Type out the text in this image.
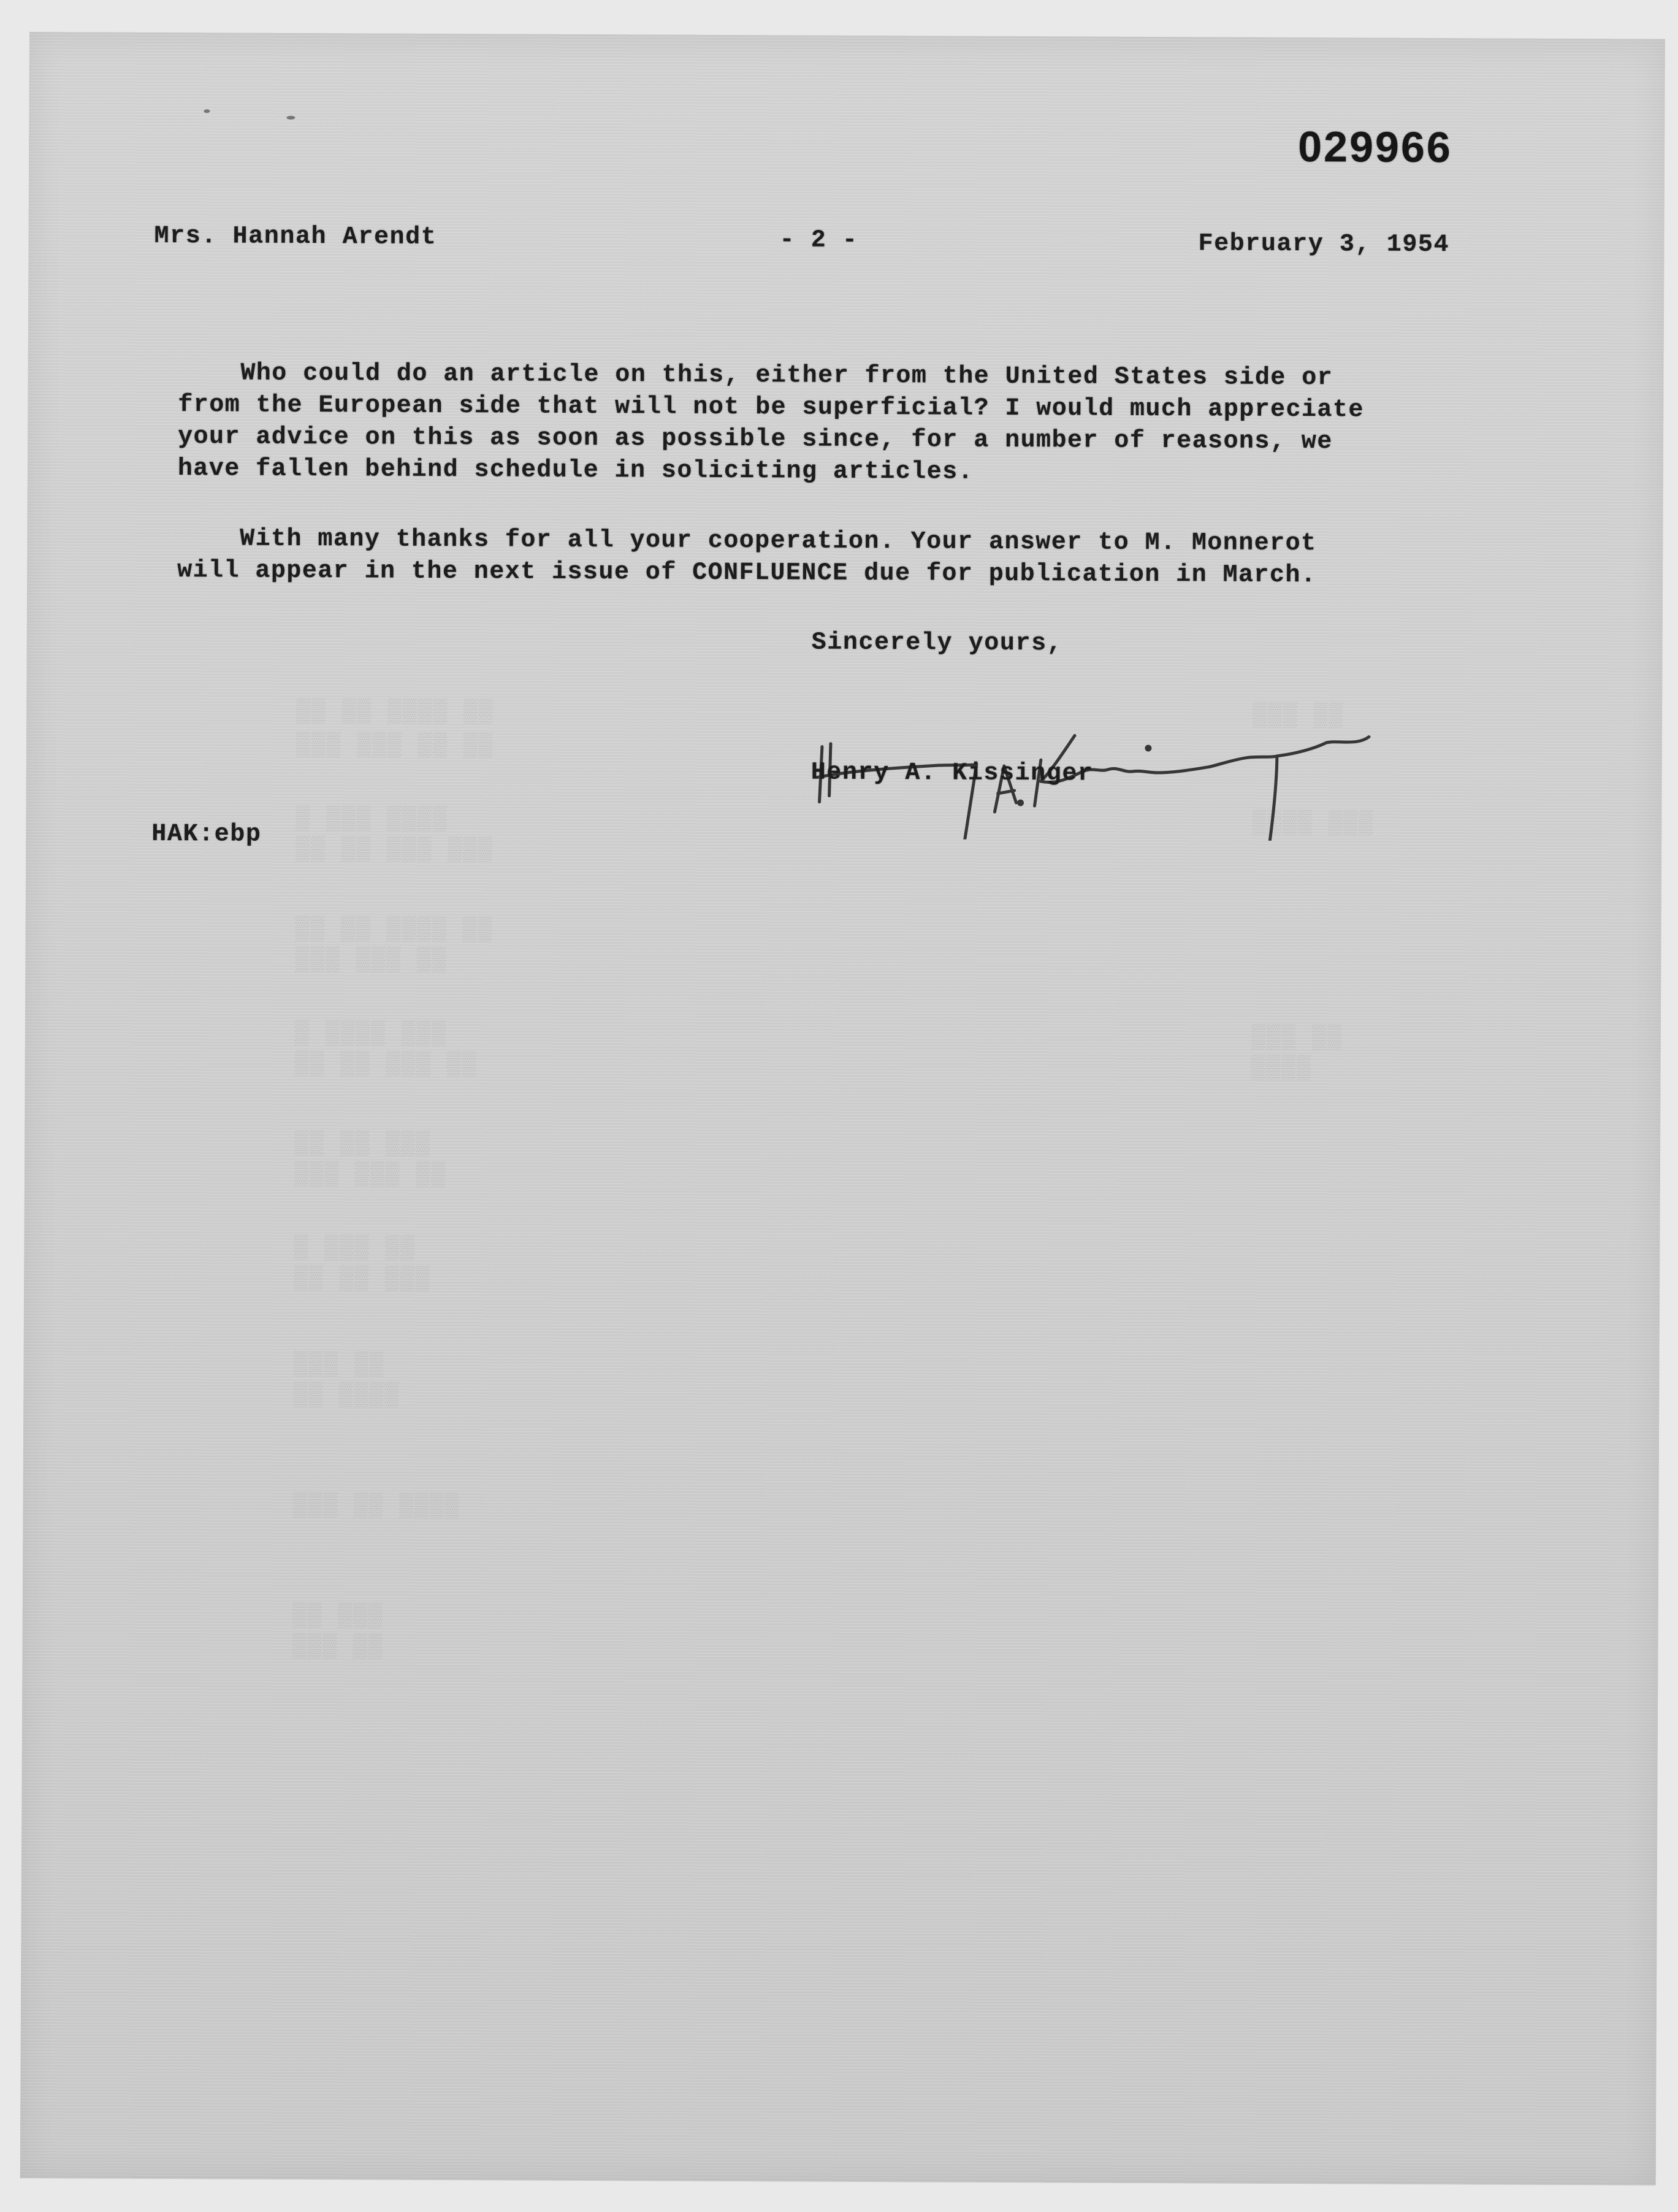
029966
Mrs. Hannah Arendt	- 2 -	February 3, 1954
Who could do an article on this, either from the United States side or
from the European side that will not be superficial? I would much appreciate
your advice on this as soon as possible since, for a number of reasons, we
have fallen behind schedule in soliciting articles.
With many thanks for all your cooperation. Your answer to M. Monnerot
will appear in the next issue of CONFLUENCE due for publication in March.
Sincerely yours,
Henry A. Kissinger
HAK:ebp
▒▒ ▒▒ ▒▒▒▒ ▒▒
▒▒▒ ▒▒▒ ▒▒ ▒▒
▒ ▒▒▒ ▒▒▒▒
▒▒ ▒▒ ▒▒▒ ▒▒▒
▒▒ ▒▒ ▒▒▒▒ ▒▒
▒▒▒ ▒▒▒ ▒▒
▒ ▒▒▒▒ ▒▒▒
▒▒ ▒▒ ▒▒▒ ▒▒
▒▒▒ ▒▒
▒▒▒▒ ▒▒▒
▒▒▒ ▒▒
▒▒▒▒
▒▒ ▒▒ ▒▒▒
▒▒▒ ▒▒▒ ▒▒
▒ ▒▒▒ ▒▒
▒▒ ▒▒ ▒▒▒
▒▒▒ ▒▒
▒▒ ▒▒▒▒
▒▒▒ ▒▒ ▒▒▒▒
▒▒ ▒▒▒
▒▒▒ ▒▒
